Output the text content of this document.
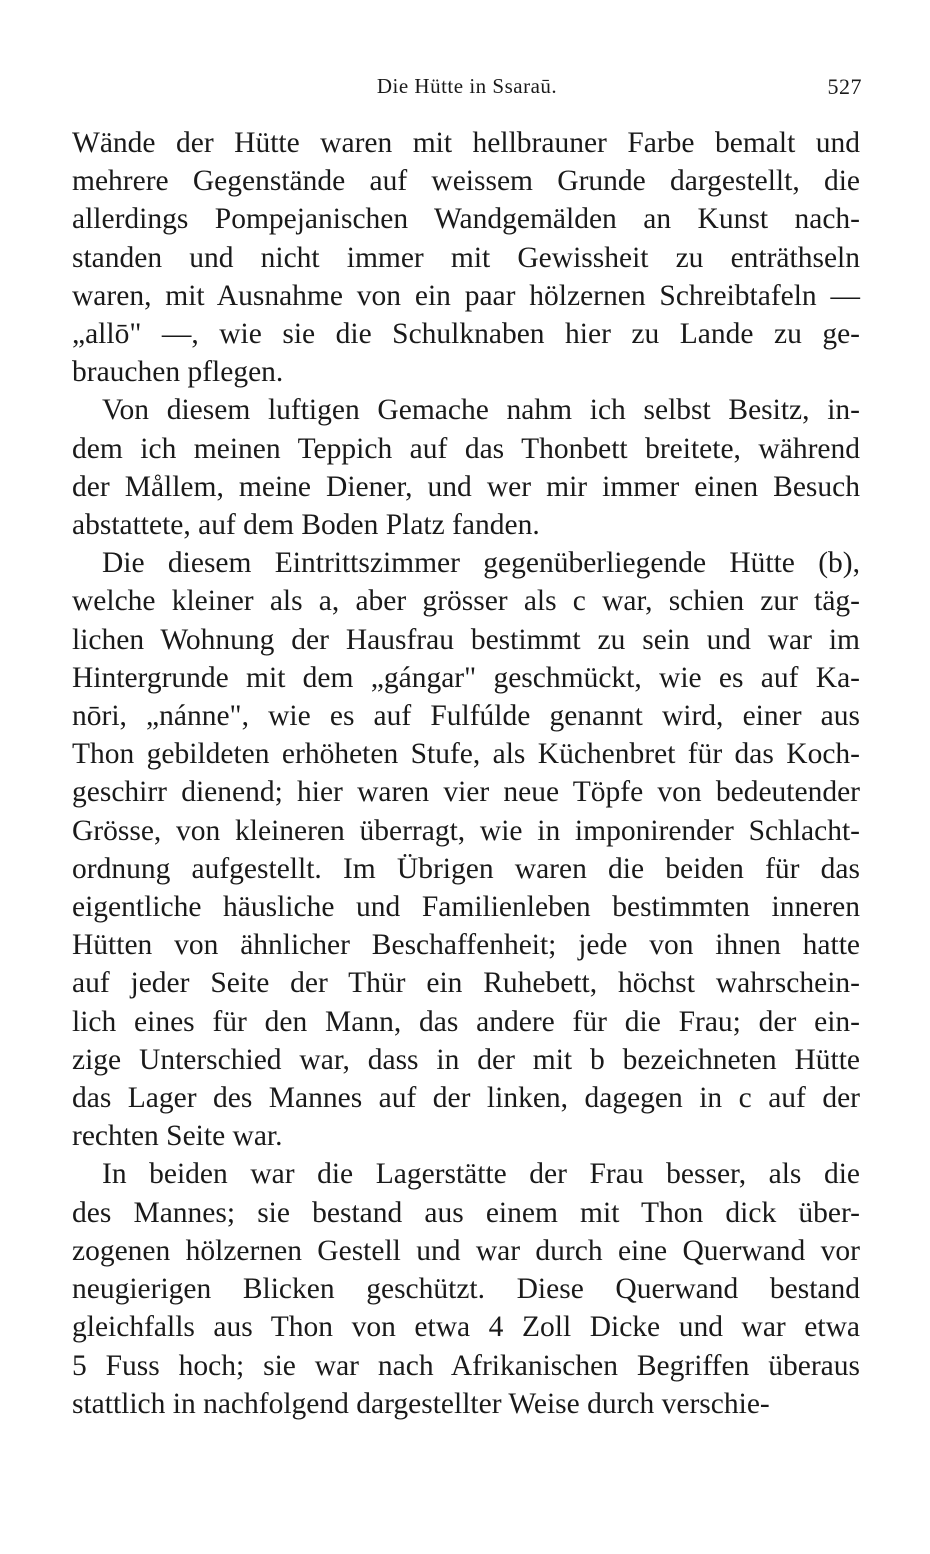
Die Hütte in Ssaraū.	527
Wände der Hütte waren mit hellbrauner Farbe bemalt und
mehrere Gegenstände auf weissem Grunde dargestellt, die
allerdings Pompejanischen Wandgemälden an Kunst nach-
standen und nicht immer mit Gewissheit zu enträthseln
waren, mit Ausnahme von ein paar hölzernen Schreibtafeln —
„allō" —, wie sie die Schulknaben hier zu Lande zu ge-
brauchen pflegen.
Von diesem luftigen Gemache nahm ich selbst Besitz, in-
dem ich meinen Teppich auf das Thonbett breitete, während
der Mållem, meine Diener, und wer mir immer einen Besuch
abstattete, auf dem Boden Platz fanden.
Die diesem Eintrittszimmer gegenüberliegende Hütte (b),
welche kleiner als a, aber grösser als c war, schien zur täg-
lichen Wohnung der Hausfrau bestimmt zu sein und war im
Hintergrunde mit dem „gángar" geschmückt, wie es auf Ka-
nōri, „nánne", wie es auf Fulfúlde genannt wird, einer aus
Thon gebildeten erhöheten Stufe, als Küchenbret für das Koch-
geschirr dienend; hier waren vier neue Töpfe von bedeutender
Grösse, von kleineren überragt, wie in imponirender Schlacht-
ordnung aufgestellt. Im Übrigen waren die beiden für das
eigentliche häusliche und Familienleben bestimmten inneren
Hütten von ähnlicher Beschaffenheit; jede von ihnen hatte
auf jeder Seite der Thür ein Ruhebett, höchst wahrschein-
lich eines für den Mann, das andere für die Frau; der ein-
zige Unterschied war, dass in der mit b bezeichneten Hütte
das Lager des Mannes auf der linken, dagegen in c auf der
rechten Seite war.
In beiden war die Lagerstätte der Frau besser, als die
des Mannes; sie bestand aus einem mit Thon dick über-
zogenen hölzernen Gestell und war durch eine Querwand vor
neugierigen Blicken geschützt. Diese Querwand bestand
gleichfalls aus Thon von etwa 4 Zoll Dicke und war etwa
5 Fuss hoch; sie war nach Afrikanischen Begriffen überaus
stattlich in nachfolgend dargestellter Weise durch verschie-
